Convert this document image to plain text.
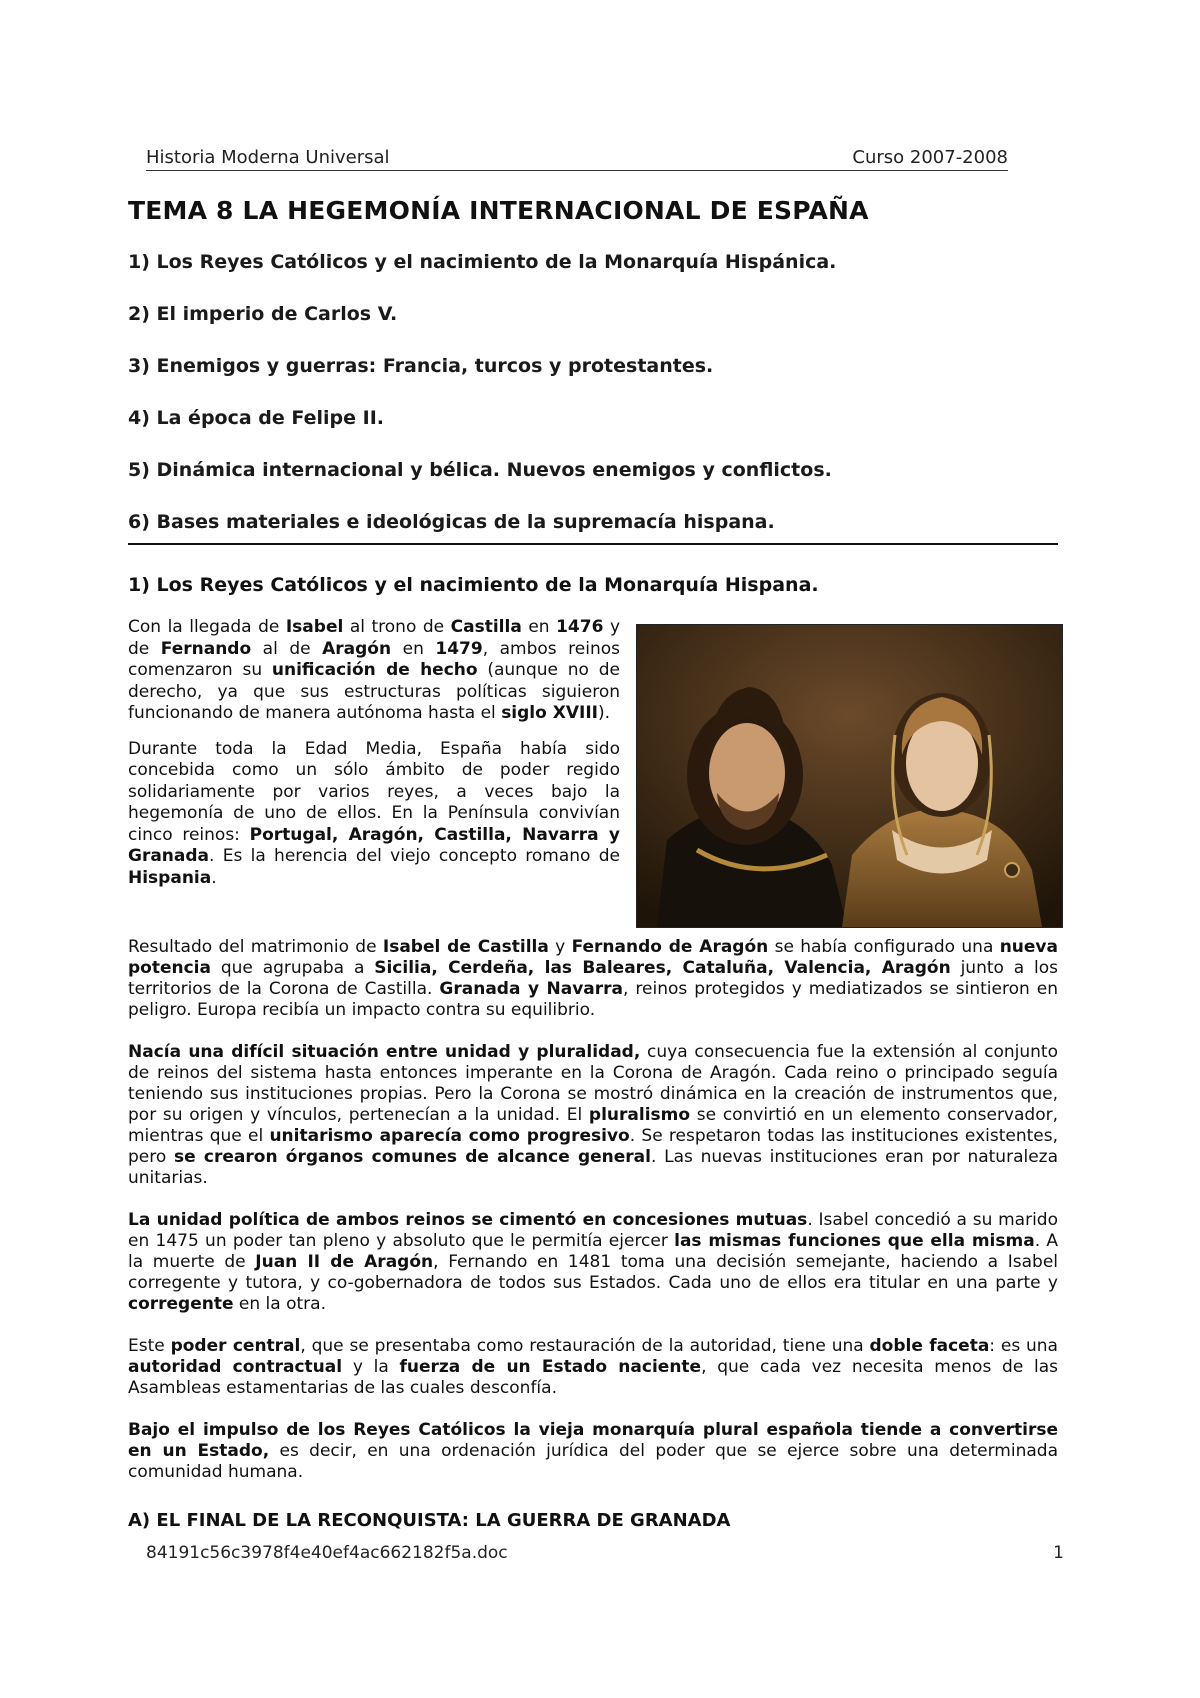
Historia Moderna Universal	Curso 2007-2008
TEMA 8 LA HEGEMONÍA INTERNACIONAL DE ESPAÑA
1) Los Reyes Católicos y el nacimiento de la Monarquía Hispánica.
2) El imperio de Carlos V.
3) Enemigos y guerras: Francia, turcos y protestantes.
4) La época de Felipe II.
5) Dinámica internacional y bélica. Nuevos enemigos y conflictos.
6) Bases materiales e ideológicas de la supremacía hispana.
1) Los Reyes Católicos y el nacimiento de la Monarquía Hispana.

Con la llegada de Isabel al trono de Castilla en 1476 y de Fernando al de Aragón en 1479, ambos reinos comenzaron su unificación de hecho (aunque no de derecho, ya que sus estructuras políticas siguieron funcionando de manera autónoma hasta el siglo XVIII).

Durante toda la Edad Media, España había sido concebida como un sólo ámbito de poder regido solidariamente por varios reyes, a veces bajo la hegemonía de uno de ellos. En la Península convivían cinco reinos: Portugal, Aragón, Castilla, Navarra y Granada. Es la herencia del viejo concepto romano de Hispania.

Resultado del matrimonio de Isabel de Castilla y Fernando de Aragón se había configurado una nueva potencia que agrupaba a Sicilia, Cerdeña, las Baleares, Cataluña, Valencia, Aragón junto a los territorios de la Corona de Castilla. Granada y Navarra, reinos protegidos y mediatizados se sintieron en peligro. Europa recibía un impacto contra su equilibrio.

Nacía una difícil situación entre unidad y pluralidad, cuya consecuencia fue la extensión al conjunto de reinos del sistema hasta entonces imperante en la Corona de Aragón. Cada reino o principado seguía teniendo sus instituciones propias. Pero la Corona se mostró dinámica en la creación de instrumentos que, por su origen y vínculos, pertenecían a la unidad. El pluralismo se convirtió en un elemento conservador, mientras que el unitarismo aparecía como progresivo. Se respetaron todas las instituciones existentes, pero se crearon órganos comunes de alcance general. Las nuevas instituciones eran por naturaleza unitarias.

La unidad política de ambos reinos se cimentó en concesiones mutuas. Isabel concedió a su marido en 1475 un poder tan pleno y absoluto que le permitía ejercer las mismas funciones que ella misma. A la muerte de Juan II de Aragón, Fernando en 1481 toma una decisión semejante, haciendo a Isabel corregente y tutora, y co-gobernadora de todos sus Estados. Cada uno de ellos era titular en una parte y corregente en la otra.

Este poder central, que se presentaba como restauración de la autoridad, tiene una doble faceta: es una autoridad contractual y la fuerza de un Estado naciente, que cada vez necesita menos de las Asambleas estamentarias de las cuales desconfía.

Bajo el impulso de los Reyes Católicos la vieja monarquía plural española tiende a convertirse en un Estado, es decir, en una ordenación jurídica del poder que se ejerce sobre una determinada comunidad humana.

A) EL FINAL DE LA RECONQUISTA: LA GUERRA DE GRANADA
84191c56c3978f4e40ef4ac662182f5a.doc	1
